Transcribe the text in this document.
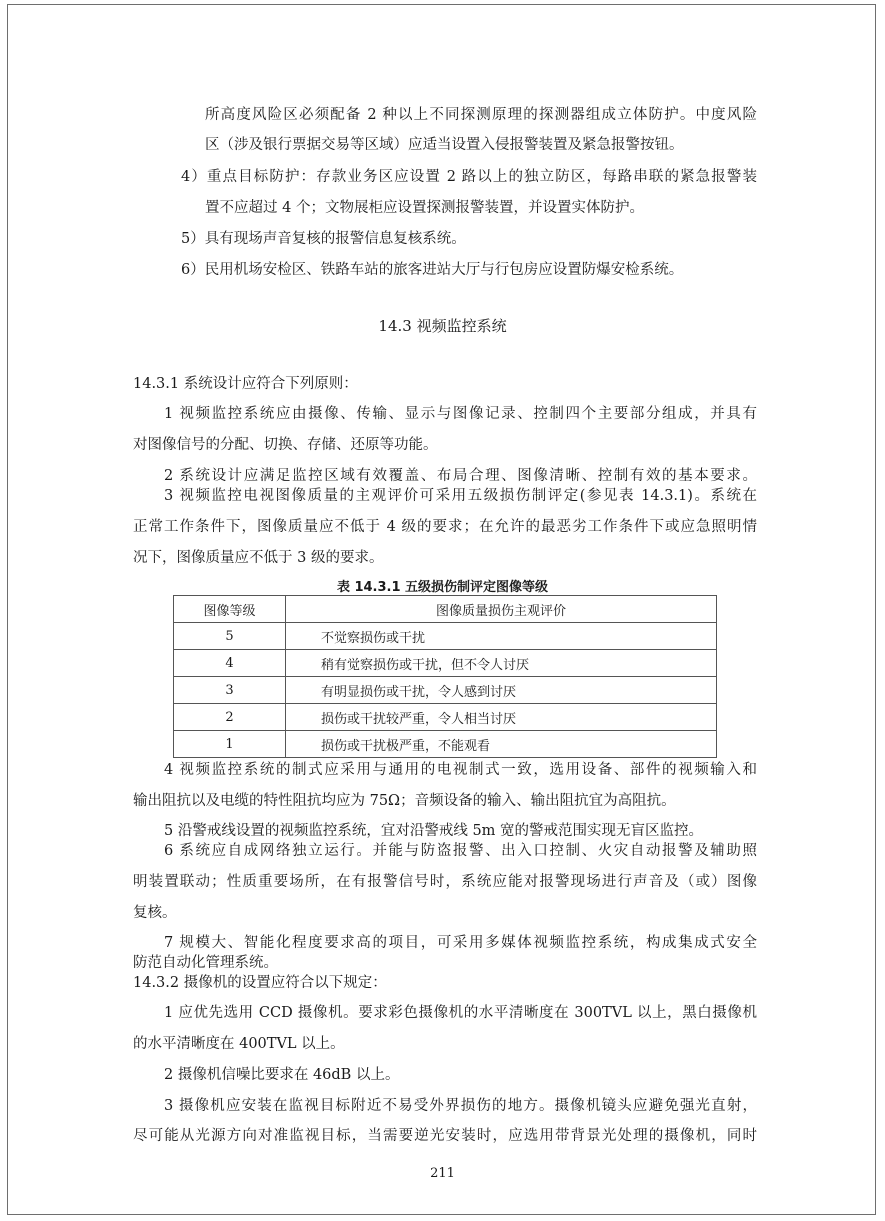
所高度风险区必须配备 2 种以上不同探测原理的探测器组成立体防护。中度风险
区（涉及银行票据交易等区域）应适当设置入侵报警装置及紧急报警按钮。
4）重点目标防护：存款业务区应设置 2 路以上的独立防区，每路串联的紧急报警装
置不应超过 4 个；文物展柜应设置探测报警装置，并设置实体防护。
5）具有现场声音复核的报警信息复核系统。
6）民用机场安检区、铁路车站的旅客进站大厅与行包房应设置防爆安检系统。
14.3 视频监控系统
14.3.1 系统设计应符合下列原则：
1 视频监控系统应由摄像、传输、显示与图像记录、控制四个主要部分组成，并具有
对图像信号的分配、切换、存储、还原等功能。
2 系统设计应满足监控区域有效覆盖、布局合理、图像清晰、控制有效的基本要求。
3 视频监控电视图像质量的主观评价可采用五级损伤制评定(参见表 14.3.1)。系统在
正常工作条件下，图像质量应不低于 4 级的要求；在允许的最恶劣工作条件下或应急照明情
况下，图像质量应不低于 3 级的要求。
表 14.3.1 五级损伤制评定图像等级
图像等级	图像质量损伤主观评价
5	不觉察损伤或干扰
4	稍有觉察损伤或干扰，但不令人讨厌
3	有明显损伤或干扰，令人感到讨厌
2	损伤或干扰较严重，令人相当讨厌
1	损伤或干扰极严重，不能观看
4 视频监控系统的制式应采用与通用的电视制式一致，选用设备、部件的视频输入和
输出阻抗以及电缆的特性阻抗均应为 75Ω；音频设备的输入、输出阻抗宜为高阻抗。
5 沿警戒线设置的视频监控系统，宜对沿警戒线 5m 宽的警戒范围实现无盲区监控。
6 系统应自成网络独立运行。并能与防盗报警、出入口控制、火灾自动报警及辅助照
明装置联动；性质重要场所，在有报警信号时，系统应能对报警现场进行声音及（或）图像
复核。
7 规模大、智能化程度要求高的项目，可采用多媒体视频监控系统，构成集成式安全
防范自动化管理系统。
14.3.2 摄像机的设置应符合以下规定：
1 应优先选用 CCD 摄像机。要求彩色摄像机的水平清晰度在 300TVL 以上，黑白摄像机
的水平清晰度在 400TVL 以上。
2 摄像机信噪比要求在 46dB 以上。
3 摄像机应安装在监视目标附近不易受外界损伤的地方。摄像机镜头应避免强光直射，
尽可能从光源方向对准监视目标，当需要逆光安装时，应选用带背景光处理的摄像机，同时
211
